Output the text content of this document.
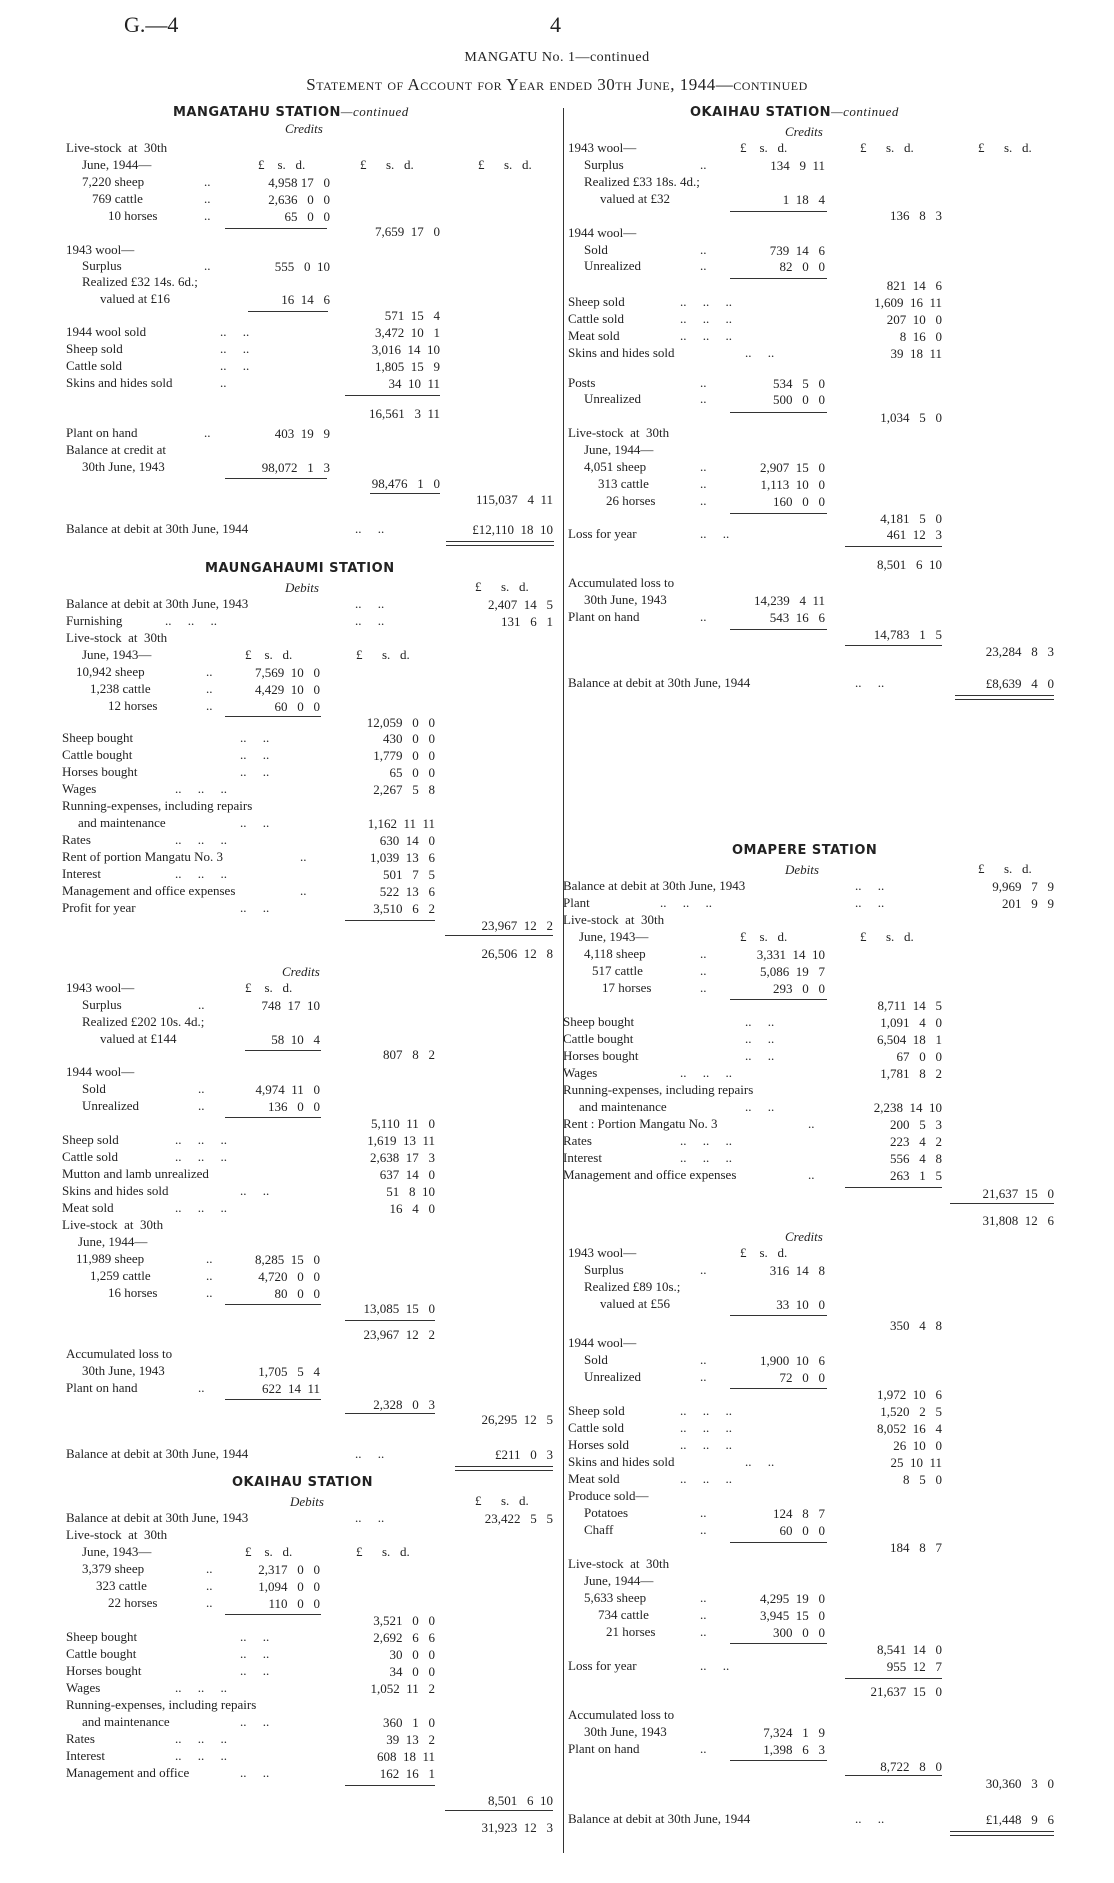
G.—4	4
MANGATU No. 1—continued
Statement of Account for Year ended 30th June, 1944—continued
MANGATAHU STATION—continued
Credits
Live-stock  at  30th
June, 1944—	£    s.   d.	£      s.   d.	£      s.   d.
7,220 sheep	..	4,958 17   0
769 cattle	..	2,636   0   0
10 horses	..	65   0   0
7,659  17   0
1943 wool—
Surplus	..	555   0  10
Realized £32 14s. 6d.;
valued at £16	16  14   6
571  15   4
1944 wool sold	..     ..	3,472  10   1
Sheep sold	..     ..	3,016  14  10
Cattle sold	..     ..	1,805  15   9
Skins and hides sold	..	34  10  11
16,561   3  11
Plant on hand	..	403  19   9
Balance at credit at
30th June, 1943	98,072   1   3
98,476   1   0
115,037   4  11
Balance at debit at 30th June, 1944	..     ..	£12,110  18  10
MAUNGAHAUMI STATION
Debits	£      s.   d.
Balance at debit at 30th June, 1943	..     ..	2,407  14   5
Furnishing	..     ..     ..	..     ..	131   6   1
Live-stock  at  30th
June, 1943—	£    s.   d.	£      s.   d.
10,942 sheep	..	7,569  10   0
1,238 cattle	..	4,429  10   0
12 horses	..	60   0   0
12,059   0   0
Sheep bought	..     ..	430   0   0
Cattle bought	..     ..	1,779   0   0
Horses bought	..     ..	65   0   0
Wages	..     ..     ..	2,267   5   8
Running-expenses, including repairs
and maintenance	..     ..	1,162  11  11
Rates	..     ..     ..	630  14   0
Rent of portion Mangatu No. 3	..	1,039  13   6
Interest	..     ..     ..	501   7   5
Management and office expenses	..	522  13   6
Profit for year	..     ..	3,510   6   2
23,967  12   2
26,506  12   8
Credits
1943 wool—	£    s.   d.
Surplus	..	748  17  10
Realized £202 10s. 4d.;
valued at £144	58  10   4
807   8   2
1944 wool—
Sold	..	4,974  11   0
Unrealized	..	136   0   0
5,110  11   0
Sheep sold	..     ..     ..	1,619  13  11
Cattle sold	..     ..     ..	2,638  17   3
Mutton and lamb unrealized	637  14   0
Skins and hides sold	..     ..	51   8  10
Meat sold	..     ..     ..	16   4   0
Live-stock  at  30th
June, 1944—
11,989 sheep	..	8,285  15   0
1,259 cattle	..	4,720   0   0
16 horses	..	80   0   0
13,085  15   0
23,967  12   2
Accumulated loss to
30th June, 1943	1,705   5   4
Plant on hand	..	622  14  11
2,328   0   3
26,295  12   5
Balance at debit at 30th June, 1944	..     ..	£211   0   3
OKAIHAU STATION
Debits	£      s.   d.
Balance at debit at 30th June, 1943	..     ..	23,422   5   5
Live-stock  at  30th
June, 1943—	£    s.   d.	£      s.   d.
3,379 sheep	..	2,317   0   0
323 cattle	..	1,094   0   0
22 horses	..	110   0   0
3,521   0   0
Sheep bought	..     ..	2,692   6   6
Cattle bought	..     ..	30   0   0
Horses bought	..     ..	34   0   0
Wages	..     ..     ..	1,052  11   2
Running-expenses, including repairs
and maintenance	..     ..	360   1   0
Rates	..     ..     ..	39  13   2
Interest	..     ..     ..	608  18  11
Management and office	..     ..	162  16   1
8,501   6  10
31,923  12   3
OKAIHAU STATION—continued
Credits
1943 wool—	£    s.   d.	£      s.   d.	£      s.   d.
Surplus	..	134   9  11
Realized £33 18s. 4d.;
valued at £32	1  18   4
136   8   3
1944 wool—
Sold	..	739  14   6
Unrealized	..	82   0   0
821  14   6
Sheep sold	..     ..     ..	1,609  16  11
Cattle sold	..     ..     ..	207  10   0
Meat sold	..     ..     ..	8  16   0
Skins and hides sold	..     ..	39  18  11
Posts	..	534   5   0
Unrealized	..	500   0   0
1,034   5   0
Live-stock  at  30th
June, 1944—
4,051 sheep	..	2,907  15   0
313 cattle	..	1,113  10   0
26 horses	..	160   0   0
4,181   5   0
Loss for year	..     ..	461  12   3
8,501   6  10
Accumulated loss to
30th June, 1943	14,239   4  11
Plant on hand	..	543  16   6
14,783   1   5
23,284   8   3
Balance at debit at 30th June, 1944	..     ..	£8,639   4   0
OMAPERE STATION
Debits	£      s.   d.
Balance at debit at 30th June, 1943	..     ..	9,969   7   9
Plant	..     ..     ..	..     ..	201   9   9
Live-stock  at  30th
June, 1943—	£    s.   d.	£      s.   d.
4,118 sheep	..	3,331  14  10
517 cattle	..	5,086  19   7
17 horses	..	293   0   0
8,711  14   5
Sheep bought	..     ..	1,091   4   0
Cattle bought	..     ..	6,504  18   1
Horses bought	..     ..	67   0   0
Wages	..     ..     ..	1,781   8   2
Running-expenses, including repairs
and maintenance	..     ..	2,238  14  10
Rent : Portion Mangatu No. 3	..	200   5   3
Rates	..     ..     ..	223   4   2
Interest	..     ..     ..	556   4   8
Management and office expenses	..	263   1   5
21,637  15   0
31,808  12   6
Credits
1943 wool—	£    s.   d.
Surplus	..	316  14   8
Realized £89 10s.;
valued at £56	33  10   0
350   4   8
1944 wool—
Sold	..	1,900  10   6
Unrealized	..	72   0   0
1,972  10   6
Sheep sold	..     ..     ..	1,520   2   5
Cattle sold	..     ..     ..	8,052  16   4
Horses sold	..     ..     ..	26  10   0
Skins and hides sold	..     ..	25  10  11
Meat sold	..     ..     ..	8   5   0
Produce sold—
Potatoes	..	124   8   7
Chaff	..	60   0   0
184   8   7
Live-stock  at  30th
June, 1944—
5,633 sheep	..	4,295  19   0
734 cattle	..	3,945  15   0
21 horses	..	300   0   0
8,541  14   0
Loss for year	..     ..	955  12   7
21,637  15   0
Accumulated loss to
30th June, 1943	7,324   1   9
Plant on hand	..	1,398   6   3
8,722   8   0
30,360   3   0
Balance at debit at 30th June, 1944	..     ..	£1,448   9   6
